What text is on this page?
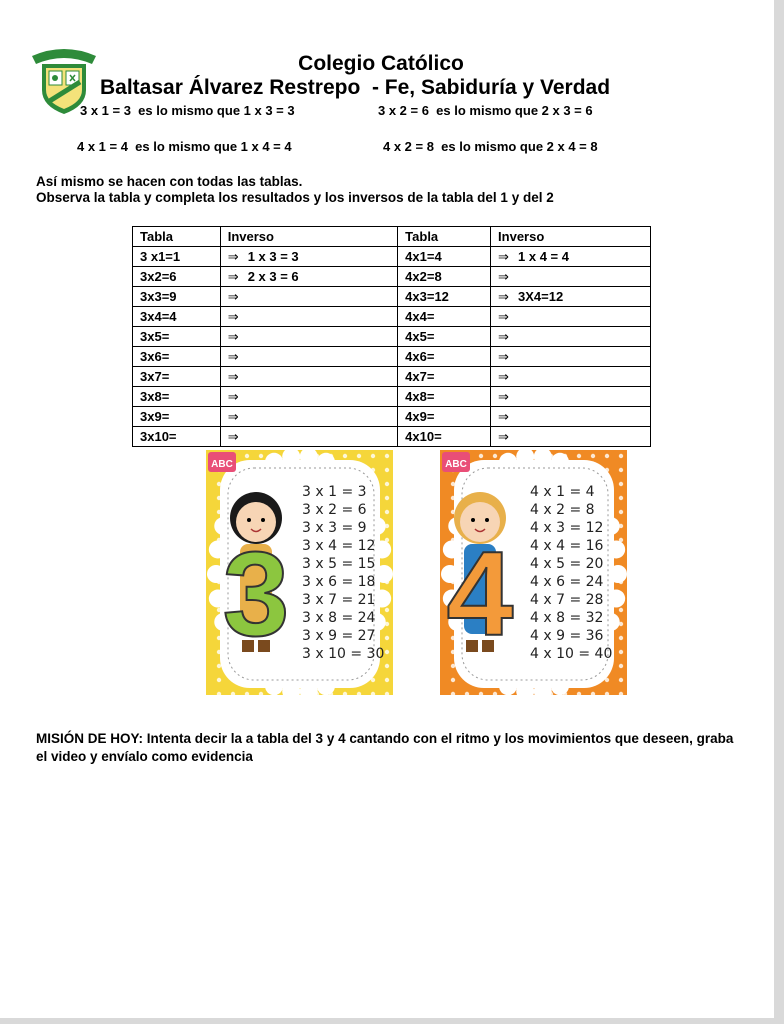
Colegio Católico
Baltasar Álvarez Restrepo  - Fe, Sabiduría y Verdad
3 x 1 = 3  es lo mismo que 1 x 3 = 3	3 x 2 = 6  es lo mismo que 2 x 3 = 6
4 x 1 = 4  es lo mismo que 1 x 4 = 4	4 x 2 = 8  es lo mismo que 2 x 4 = 8
Así mismo se hacen con todas las tablas.
Observa la tabla y completa los resultados y los inversos de la tabla del 1 y del 2
Tabla	Inverso	Tabla	Inverso
3 x1=1	⇒ 1 x 3 = 3	4x1=4	⇒ 1 x 4 = 4
3x2=6	⇒ 2 x 3 = 6	4x2=8	⇒
3x3=9	⇒	4x3=12	⇒ 3X4=12
3x4=4	⇒	4x4=	⇒
3x5=	⇒	4x5=	⇒
3x6=	⇒	4x6=	⇒
3x7=	⇒	4x7=	⇒
3x8=	⇒	4x8=	⇒
3x9=	⇒	4x9=	⇒
3x10=	⇒	4x10=	⇒
ABC
3
3 x 1 = 3
3 x 2 = 6
3 x 3 = 9
3 x 4 = 12
3 x 5 = 15
3 x 6 = 18
3 x 7 = 21
3 x 8 = 24
3 x 9 = 27
3 x 10 = 30
ABC
4
4 x 1 = 4
4 x 2 = 8
4 x 3 = 12
4 x 4 = 16
4 x 5 = 20
4 x 6 = 24
4 x 7 = 28
4 x 8 = 32
4 x 9 = 36
4 x 10 = 40
MISIÓN DE HOY: Intenta decir la a tabla del 3 y 4 cantando con el ritmo y los movimientos que deseen, graba el video y envíalo como evidencia
